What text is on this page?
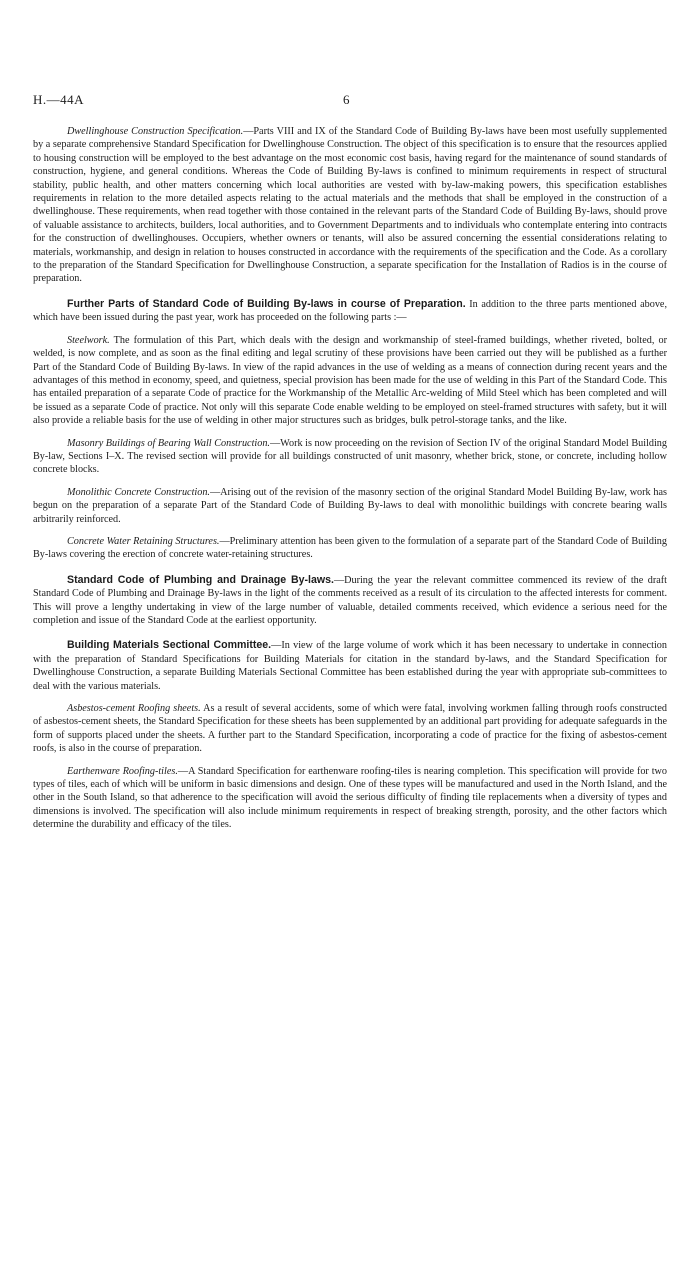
H.—44A	6

Dwellinghouse Construction Specification.—Parts VIII and IX of the Standard Code of Building By-laws have been most usefully supplemented by a separate comprehensive Standard Specification for Dwellinghouse Construction. The object of this specification is to ensure that the resources applied to housing construction will be employed to the best advantage on the most economic cost basis, having regard for the maintenance of sound standards of construction, hygiene, and general conditions. Whereas the Code of Building By-laws is confined to minimum requirements in respect of structural stability, public health, and other matters concerning which local authorities are vested with by-law-making powers, this specification establishes requirements in relation to the more detailed aspects relating to the actual materials and the methods that shall be employed in the construction of a dwellinghouse. These requirements, when read together with those contained in the relevant parts of the Standard Code of Building By-laws, should prove of valuable assistance to architects, builders, local authorities, and to Government Departments and to individuals who contemplate entering into contracts for the construction of dwellinghouses. Occupiers, whether owners or tenants, will also be assured concerning the essential considerations relating to materials, workmanship, and design in relation to houses constructed in accordance with the requirements of the specification and the Code. As a corollary to the preparation of the Standard Specification for Dwellinghouse Construction, a separate specification for the Installation of Radios is in the course of preparation.

Further Parts of Standard Code of Building By-laws in course of Preparation. In addition to the three parts mentioned above, which have been issued during the past year, work has proceeded on the following parts :—

Steelwork. The formulation of this Part, which deals with the design and workmanship of steel-framed buildings, whether riveted, bolted, or welded, is now complete, and as soon as the final editing and legal scrutiny of these provisions have been carried out they will be published as a further Part of the Standard Code of Building By-laws. In view of the rapid advances in the use of welding as a means of connection during recent years and the advantages of this method in economy, speed, and quietness, special provision has been made for the use of welding in this Part of the Standard Code. This has entailed preparation of a separate Code of practice for the Workmanship of the Metallic Arc-welding of Mild Steel which has been completed and will be issued as a separate Code of practice. Not only will this separate Code enable welding to be employed on steel-framed structures with safety, but it will also provide a reliable basis for the use of welding in other major structures such as bridges, bulk petrol-storage tanks, and the like.

Masonry Buildings of Bearing Wall Construction.—Work is now proceeding on the revision of Section IV of the original Standard Model Building By-law, Sections I–X. The revised section will provide for all buildings constructed of unit masonry, whether brick, stone, or concrete, including hollow concrete blocks.

Monolithic Concrete Construction.—Arising out of the revision of the masonry section of the original Standard Model Building By-law, work has begun on the preparation of a separate Part of the Standard Code of Building By-laws to deal with monolithic buildings with concrete bearing walls arbitrarily reinforced.

Concrete Water Retaining Structures.—Preliminary attention has been given to the formulation of a separate part of the Standard Code of Building By-laws covering the erection of concrete water-retaining structures.

Standard Code of Plumbing and Drainage By-laws.—During the year the relevant committee commenced its review of the draft Standard Code of Plumbing and Drainage By-laws in the light of the comments received as a result of its circulation to the affected interests for comment. This will prove a lengthy undertaking in view of the large number of valuable, detailed comments received, which evidence a serious need for the completion and issue of the Standard Code at the earliest opportunity.

Building Materials Sectional Committee.—In view of the large volume of work which it has been necessary to undertake in connection with the preparation of Standard Specifications for Building Materials for citation in the standard by-laws, and the Standard Specification for Dwellinghouse Construction, a separate Building Materials Sectional Committee has been established during the year with appropriate sub-committees to deal with the various materials.

Asbestos-cement Roofing sheets. As a result of several accidents, some of which were fatal, involving workmen falling through roofs constructed of asbestos-cement sheets, the Standard Specification for these sheets has been supplemented by an additional part providing for adequate safeguards in the form of supports placed under the sheets. A further part to the Standard Specification, incorporating a code of practice for the fixing of asbestos-cement roofs, is also in the course of preparation.

Earthenware Roofing-tiles.—A Standard Specification for earthenware roofing-tiles is nearing completion. This specification will provide for two types of tiles, each of which will be uniform in basic dimensions and design. One of these types will be manufactured and used in the North Island, and the other in the South Island, so that adherence to the specification will avoid the serious difficulty of finding tile replacements when a diversity of types and dimensions is involved. The specification will also include minimum requirements in respect of breaking strength, porosity, and the other factors which determine the durability and efficacy of the tiles.
